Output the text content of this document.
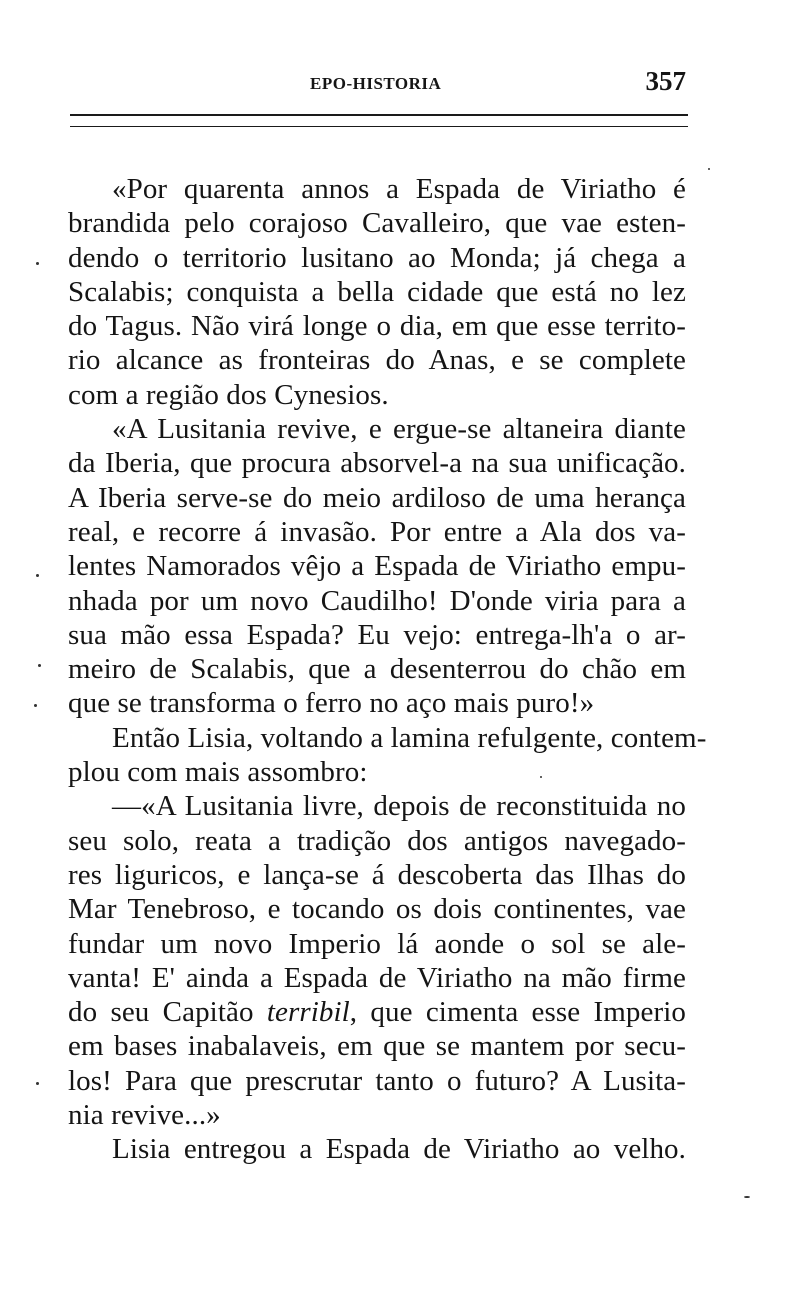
EPO-HISTORIA	357
«Por quarenta annos a Espada de Viriatho é
brandida pelo corajoso Cavalleiro, que vae esten-
dendo o territorio lusitano ao Monda; já chega a
Scalabis; conquista a bella cidade que está no lez
do Tagus. Não virá longe o dia, em que esse territo-
rio alcance as fronteiras do Anas, e se complete
com a região dos Cynesios.
«A Lusitania revive, e ergue-se altaneira diante
da Iberia, que procura absorvel-a na sua unificação.
A Iberia serve-se do meio ardiloso de uma herança
real, e recorre á invasão. Por entre a Ala dos va-
lentes Namorados vêjo a Espada de Viriatho empu-
nhada por um novo Caudilho! D'onde viria para a
sua mão essa Espada? Eu vejo: entrega-lh'a o ar-
meiro de Scalabis, que a desenterrou do chão em
que se transforma o ferro no aço mais puro!»
Então Lisia, voltando a lamina refulgente, contem-
plou com mais assombro:
—«A Lusitania livre, depois de reconstituida no
seu solo, reata a tradição dos antigos navegado-
res liguricos, e lança-se á descoberta das Ilhas do
Mar Tenebroso, e tocando os dois continentes, vae
fundar um novo Imperio lá aonde o sol se ale-
vanta! E' ainda a Espada de Viriatho na mão firme
do seu Capitão terribil, que cimenta esse Imperio
em bases inabalaveis, em que se mantem por secu-
los! Para que prescrutar tanto o futuro? A Lusita-
nia revive...»
Lisia entregou a Espada de Viriatho ao velho.
